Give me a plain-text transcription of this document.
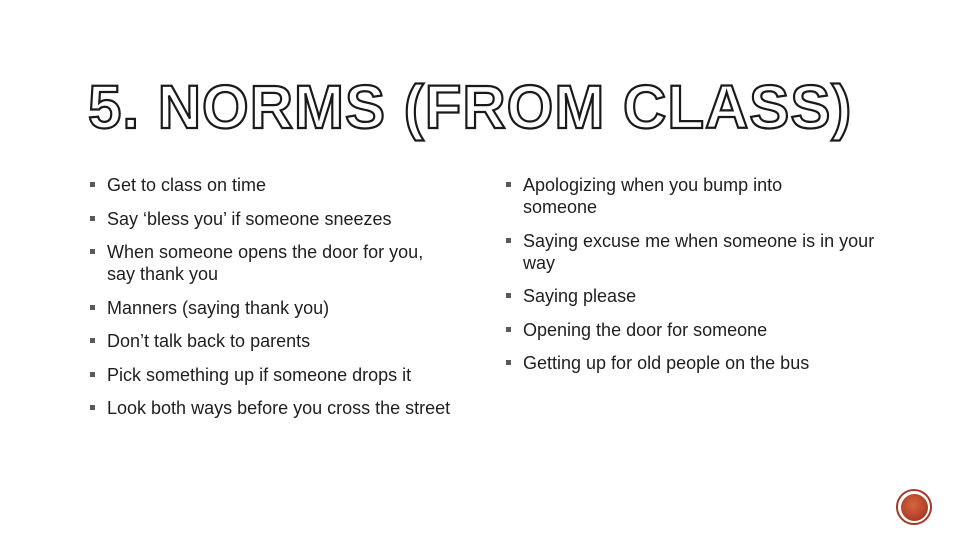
5. NORMS (FROM CLASS)
Get to class on time
Say ‘bless you’ if someone sneezes
When someone opens the door for you, say thank you
Manners (saying thank you)
Don’t talk back to parents
Pick something up if someone drops it
Look both ways before you cross the street
Apologizing when you bump into someone
Saying excuse me when someone is in your way
Saying please
Opening the door for someone
Getting up for old people on the bus
